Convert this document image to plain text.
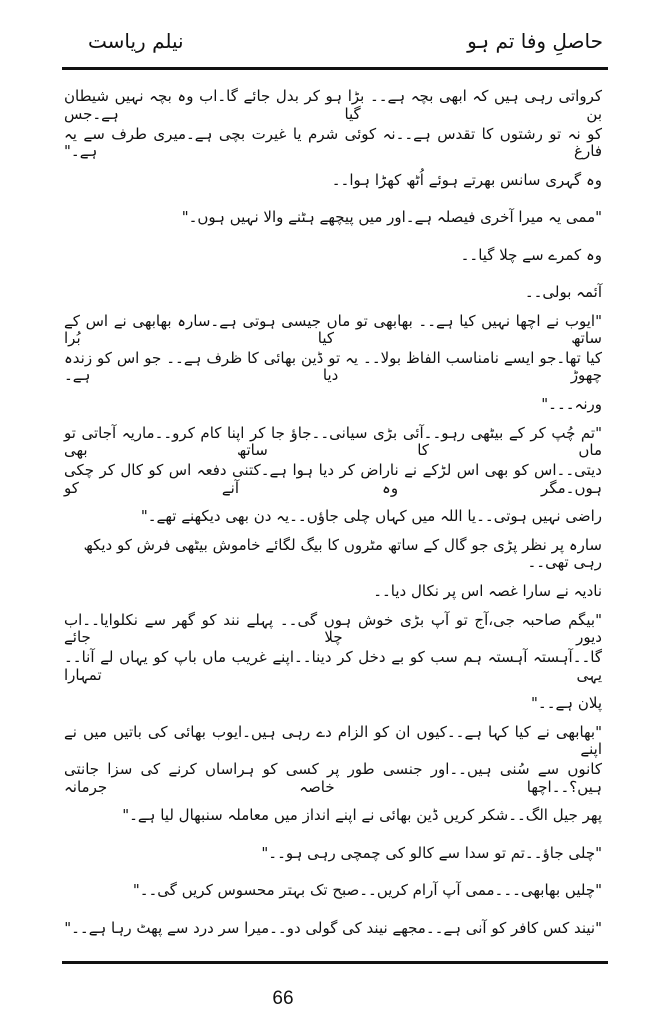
حاصلِ وفا تم ہو
نیلم ریاست
کرواتی رہی ہیں کہ ابھی بچہ ہے۔۔ بڑا ہو کر بدل جائے گا۔اب وہ بچہ نہیں شیطان بن گیا ہے۔جس
کو نہ تو رشتوں کا تقدس ہے۔۔نہ کوئی شرم یا غیرت بچی ہے۔میری طرف سے یہ فارغ ہے۔"
وہ گہری سانس بھرتے ہوئے اُٹھ کھڑا ہوا۔۔
"ممی یہ میرا آخری فیصلہ ہے۔اور میں پیچھے ہٹنے والا نہیں ہوں۔"
وہ کمرے سے چلا گیا۔۔
آئمہ بولی۔۔
"ایوب نے اچھا نہیں کیا ہے۔۔ بھابھی تو ماں جیسی ہوتی ہے۔سارہ بھابھی نے اس کے ساتھ کیا بُرا
کیا تھا۔جو ایسے نامناسب الفاظ بولا۔۔ یہ تو ڈین بھائی کا ظرف ہے۔۔ جو اس کو زندہ چھوڑ دیا ہے۔
ورنہ۔۔۔"
"تم چُپ کر کے بیٹھی رہو۔۔آئی بڑی سیانی۔۔جاؤ جا کر اپنا کام کرو۔۔ماریہ آجاتی تو ماں کا ساتھ بھی
دیتی۔۔اس کو بھی اس لڑکے نے ناراض کر دیا ہوا ہے۔کتنی دفعہ اس کو کال کر چکی ہوں۔مگر وہ آنے کو
راضی نہیں ہوتی۔۔یا اللہ میں کہاں چلی جاؤں۔۔یہ دن بھی دیکھنے تھے۔"
سارہ پر نظر پڑی جو گال کے ساتھ مٹروں کا بیگ لگائے خاموش بیٹھی فرش کو دیکھ رہی تھی۔۔
نادیہ نے سارا غصہ اس پر نکال دیا۔۔
"بیگم صاحبہ جی،آج تو آپ بڑی خوش ہوں گی۔۔ پہلے نند کو گھر سے نکلوایا۔۔اب دیور چلا جائے
گا۔۔آہستہ آہستہ ہم سب کو بے دخل کر دینا۔۔اپنے غریب ماں باپ کو یہاں لے آنا۔۔یہی تمہارا
پلان ہے۔۔"
"بھابھی نے کیا کہا ہے۔۔کیوں ان کو الزام دے رہی ہیں۔ایوب بھائی کی باتیں میں نے اپنے
کانوں سے سُنی ہیں۔۔اور جنسی طور پر کسی کو ہراساں کرنے کی سزا جانتی ہیں؟۔۔اچھا خاصہ جرمانہ
پھر جیل الگ۔۔شکر کریں ڈین بھائی نے اپنے انداز میں معاملہ سنبھال لیا ہے۔"
"چلی جاؤ۔۔تم تو سدا سے کالو کی چمچی رہی ہو۔۔"
"چلیں بھابھی۔۔۔ممی آپ آرام کریں۔۔صبح تک بہتر محسوس کریں گی۔۔"
"نیند کس کافر کو آنی ہے۔۔مجھے نیند کی گولی دو۔۔میرا سر درد سے پھٹ رہا ہے۔۔"
66
